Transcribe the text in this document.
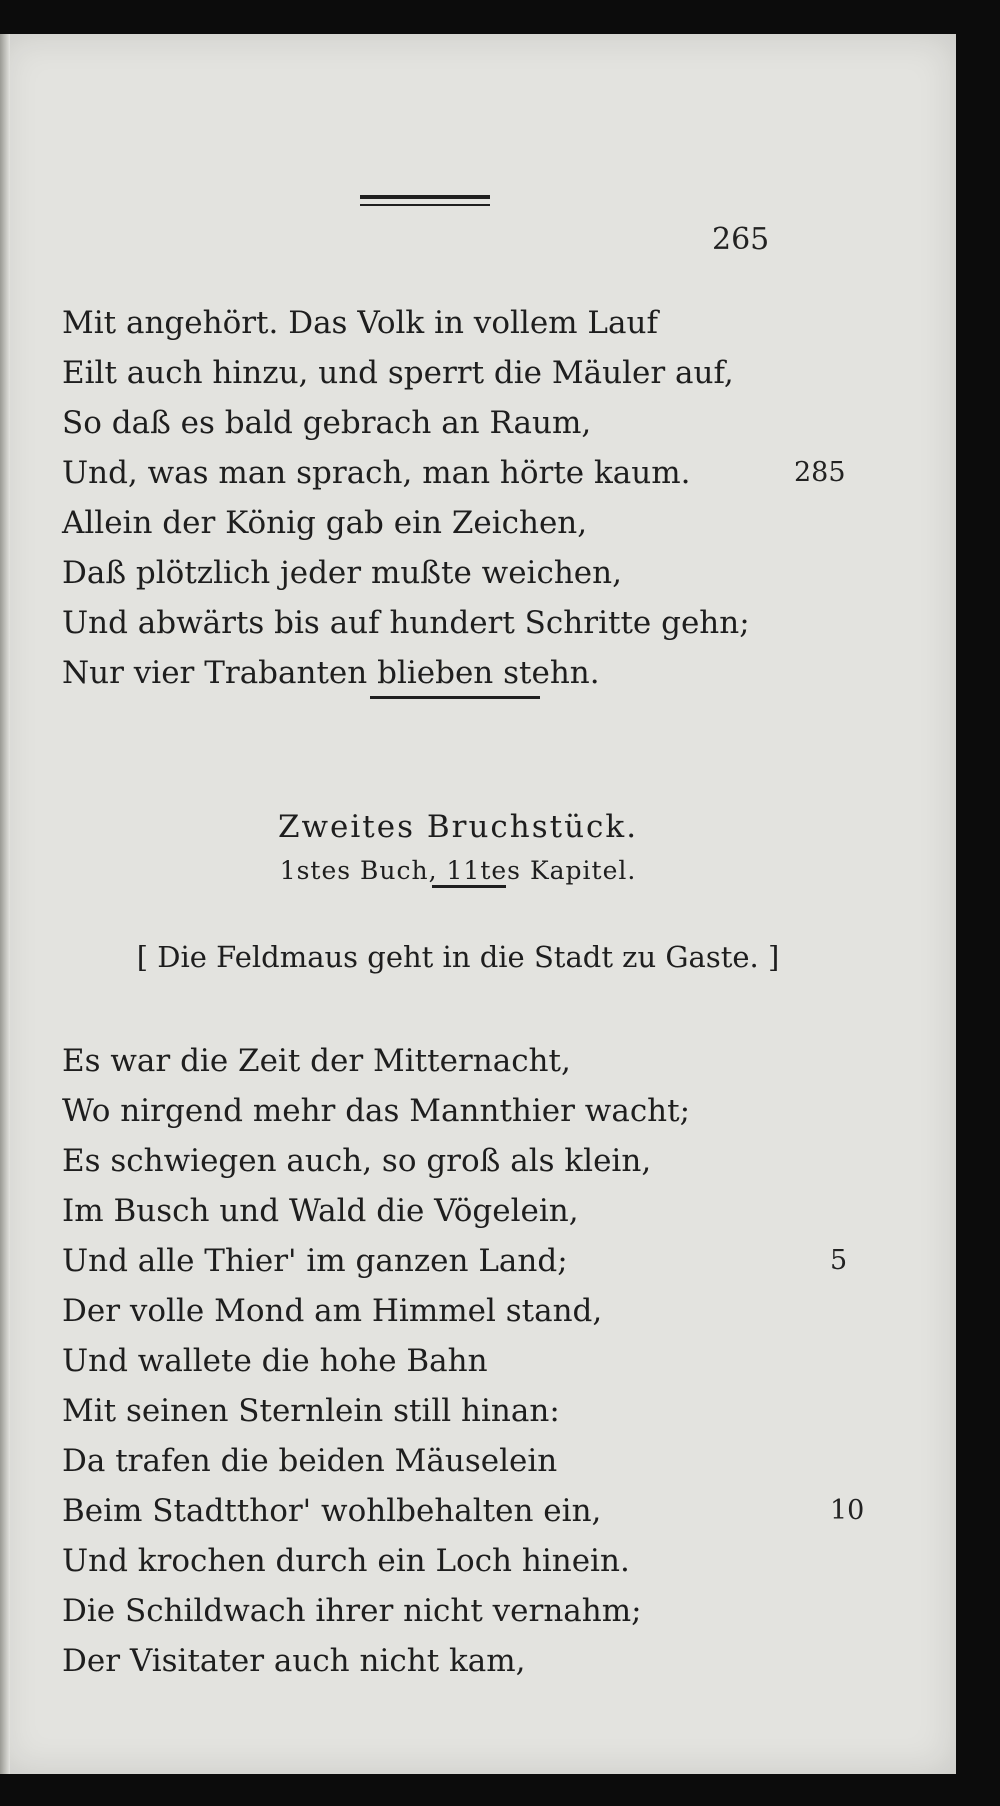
265
Mit angehört. Das Volk in vollem Lauf
Eilt auch hinzu, und sperrt die Mäuler auf,
So daß es bald gebrach an Raum,
Und, was man sprach, man hörte kaum.	285
Allein der König gab ein Zeichen,
Daß plötzlich jeder mußte weichen,
Und abwärts bis auf hundert Schritte gehn;
Nur vier Trabanten blieben stehn.
Zweites Bruchstück.
1stes Buch, 11tes Kapitel.
[ Die Feldmaus geht in die Stadt zu Gaste. ]
Es war die Zeit der Mitternacht,
Wo nirgend mehr das Mannthier wacht;
Es schwiegen auch, so groß als klein,
Im Busch und Wald die Vögelein,
Und alle Thier' im ganzen Land;	5
Der volle Mond am Himmel stand,
Und wallete die hohe Bahn
Mit seinen Sternlein still hinan:
Da trafen die beiden Mäuselein
Beim Stadtthor' wohlbehalten ein,	10
Und krochen durch ein Loch hinein.
Die Schildwach ihrer nicht vernahm;
Der Visitater auch nicht kam,
